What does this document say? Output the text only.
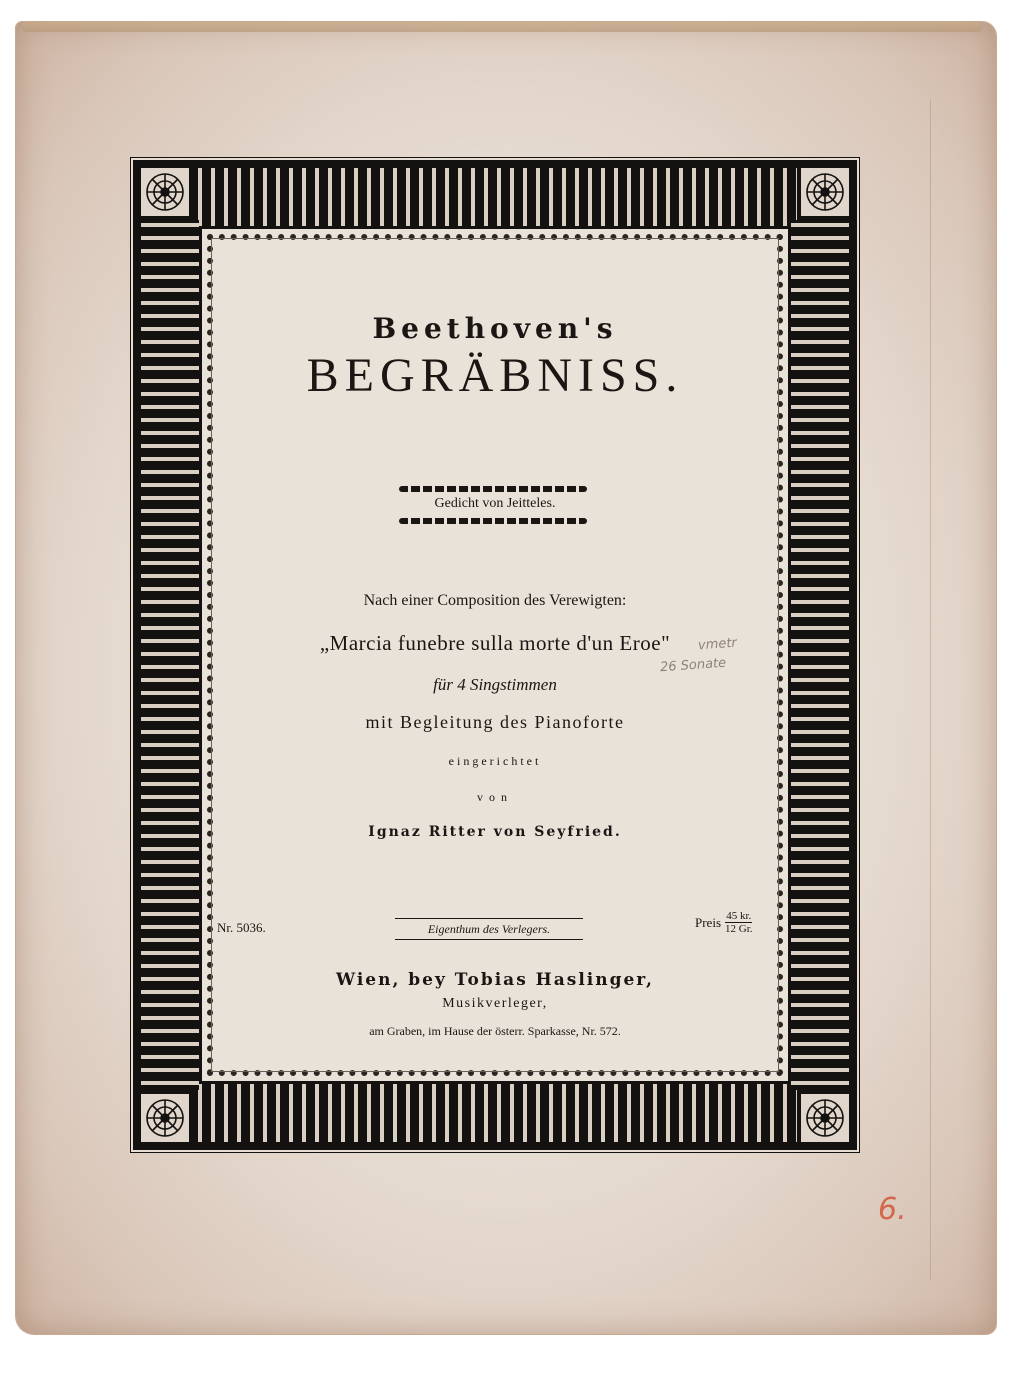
Beethoven's
BEGRÄBNISS.
Gedicht von Jeitteles.
Nach einer Composition des Verewigten:
„Marcia funebre sulla morte d'un Eroe"
für 4 Singstimmen
mit Begleitung des Pianoforte
eingerichtet
von
Ignaz Ritter von Seyfried.
Nr. 5036.	Eigenthum des Verlegers.	Preis $\frac{45 kr.}{12 Gr.}$
Wien, bey Tobias Haslinger,
Musikverleger,
am Graben, im Hause der österr. Sparkasse, Nr. 572.
vmetr
26 Sonate
6.
